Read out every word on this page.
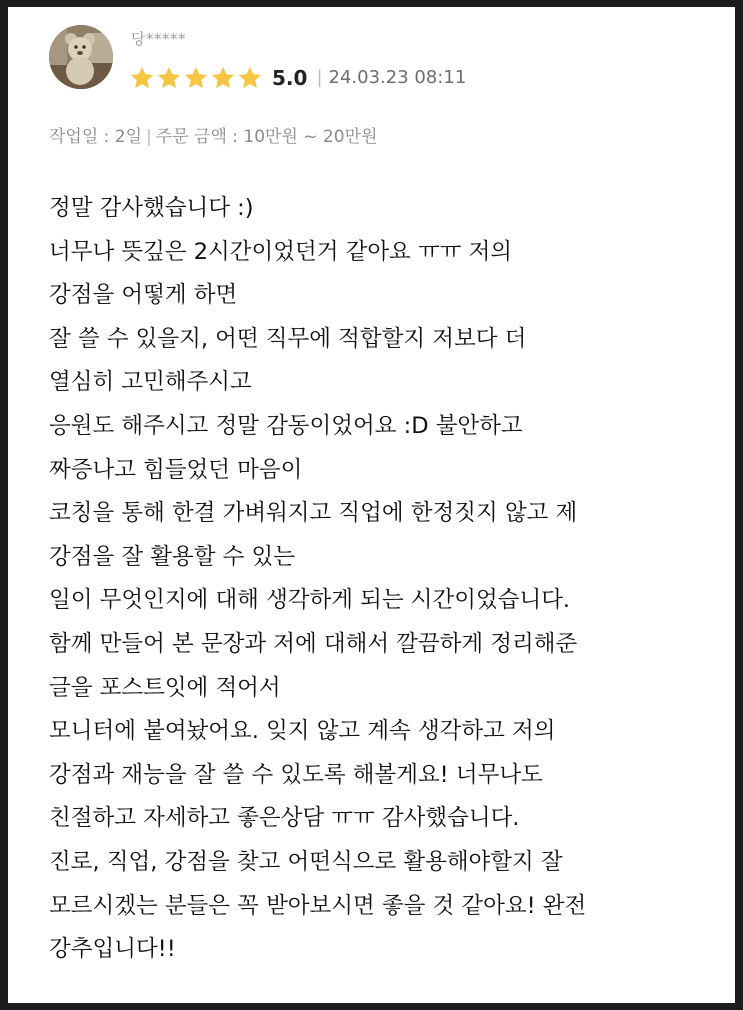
당*****
5.0 | 24.03.23 08:11
작업일 : 2일 | 주문 금액 : 10만원 ~ 20만원
정말 감사했습니다 :)
너무나 뜻깊은 2시간이었던거 같아요 ㅠㅠ 저의
강점을 어떻게 하면
잘 쓸 수 있을지, 어떤 직무에 적합할지 저보다 더
열심히 고민해주시고
응원도 해주시고 정말 감동이었어요 :D 불안하고
짜증나고 힘들었던 마음이
코칭을 통해 한결 가벼워지고 직업에 한정짓지 않고 제
강점을 잘 활용할 수 있는
일이 무엇인지에 대해 생각하게 되는 시간이었습니다.
함께 만들어 본 문장과 저에 대해서 깔끔하게 정리해준
글을 포스트잇에 적어서
모니터에 붙여놨어요. 잊지 않고 계속 생각하고 저의
강점과 재능을 잘 쓸 수 있도록 해볼게요! 너무나도
친절하고 자세하고 좋은상담 ㅠㅠ 감사했습니다.
진로, 직업, 강점을 찾고 어떤식으로 활용해야할지 잘
모르시겠는 분들은 꼭 받아보시면 좋을 것 같아요! 완전
강추입니다!!
